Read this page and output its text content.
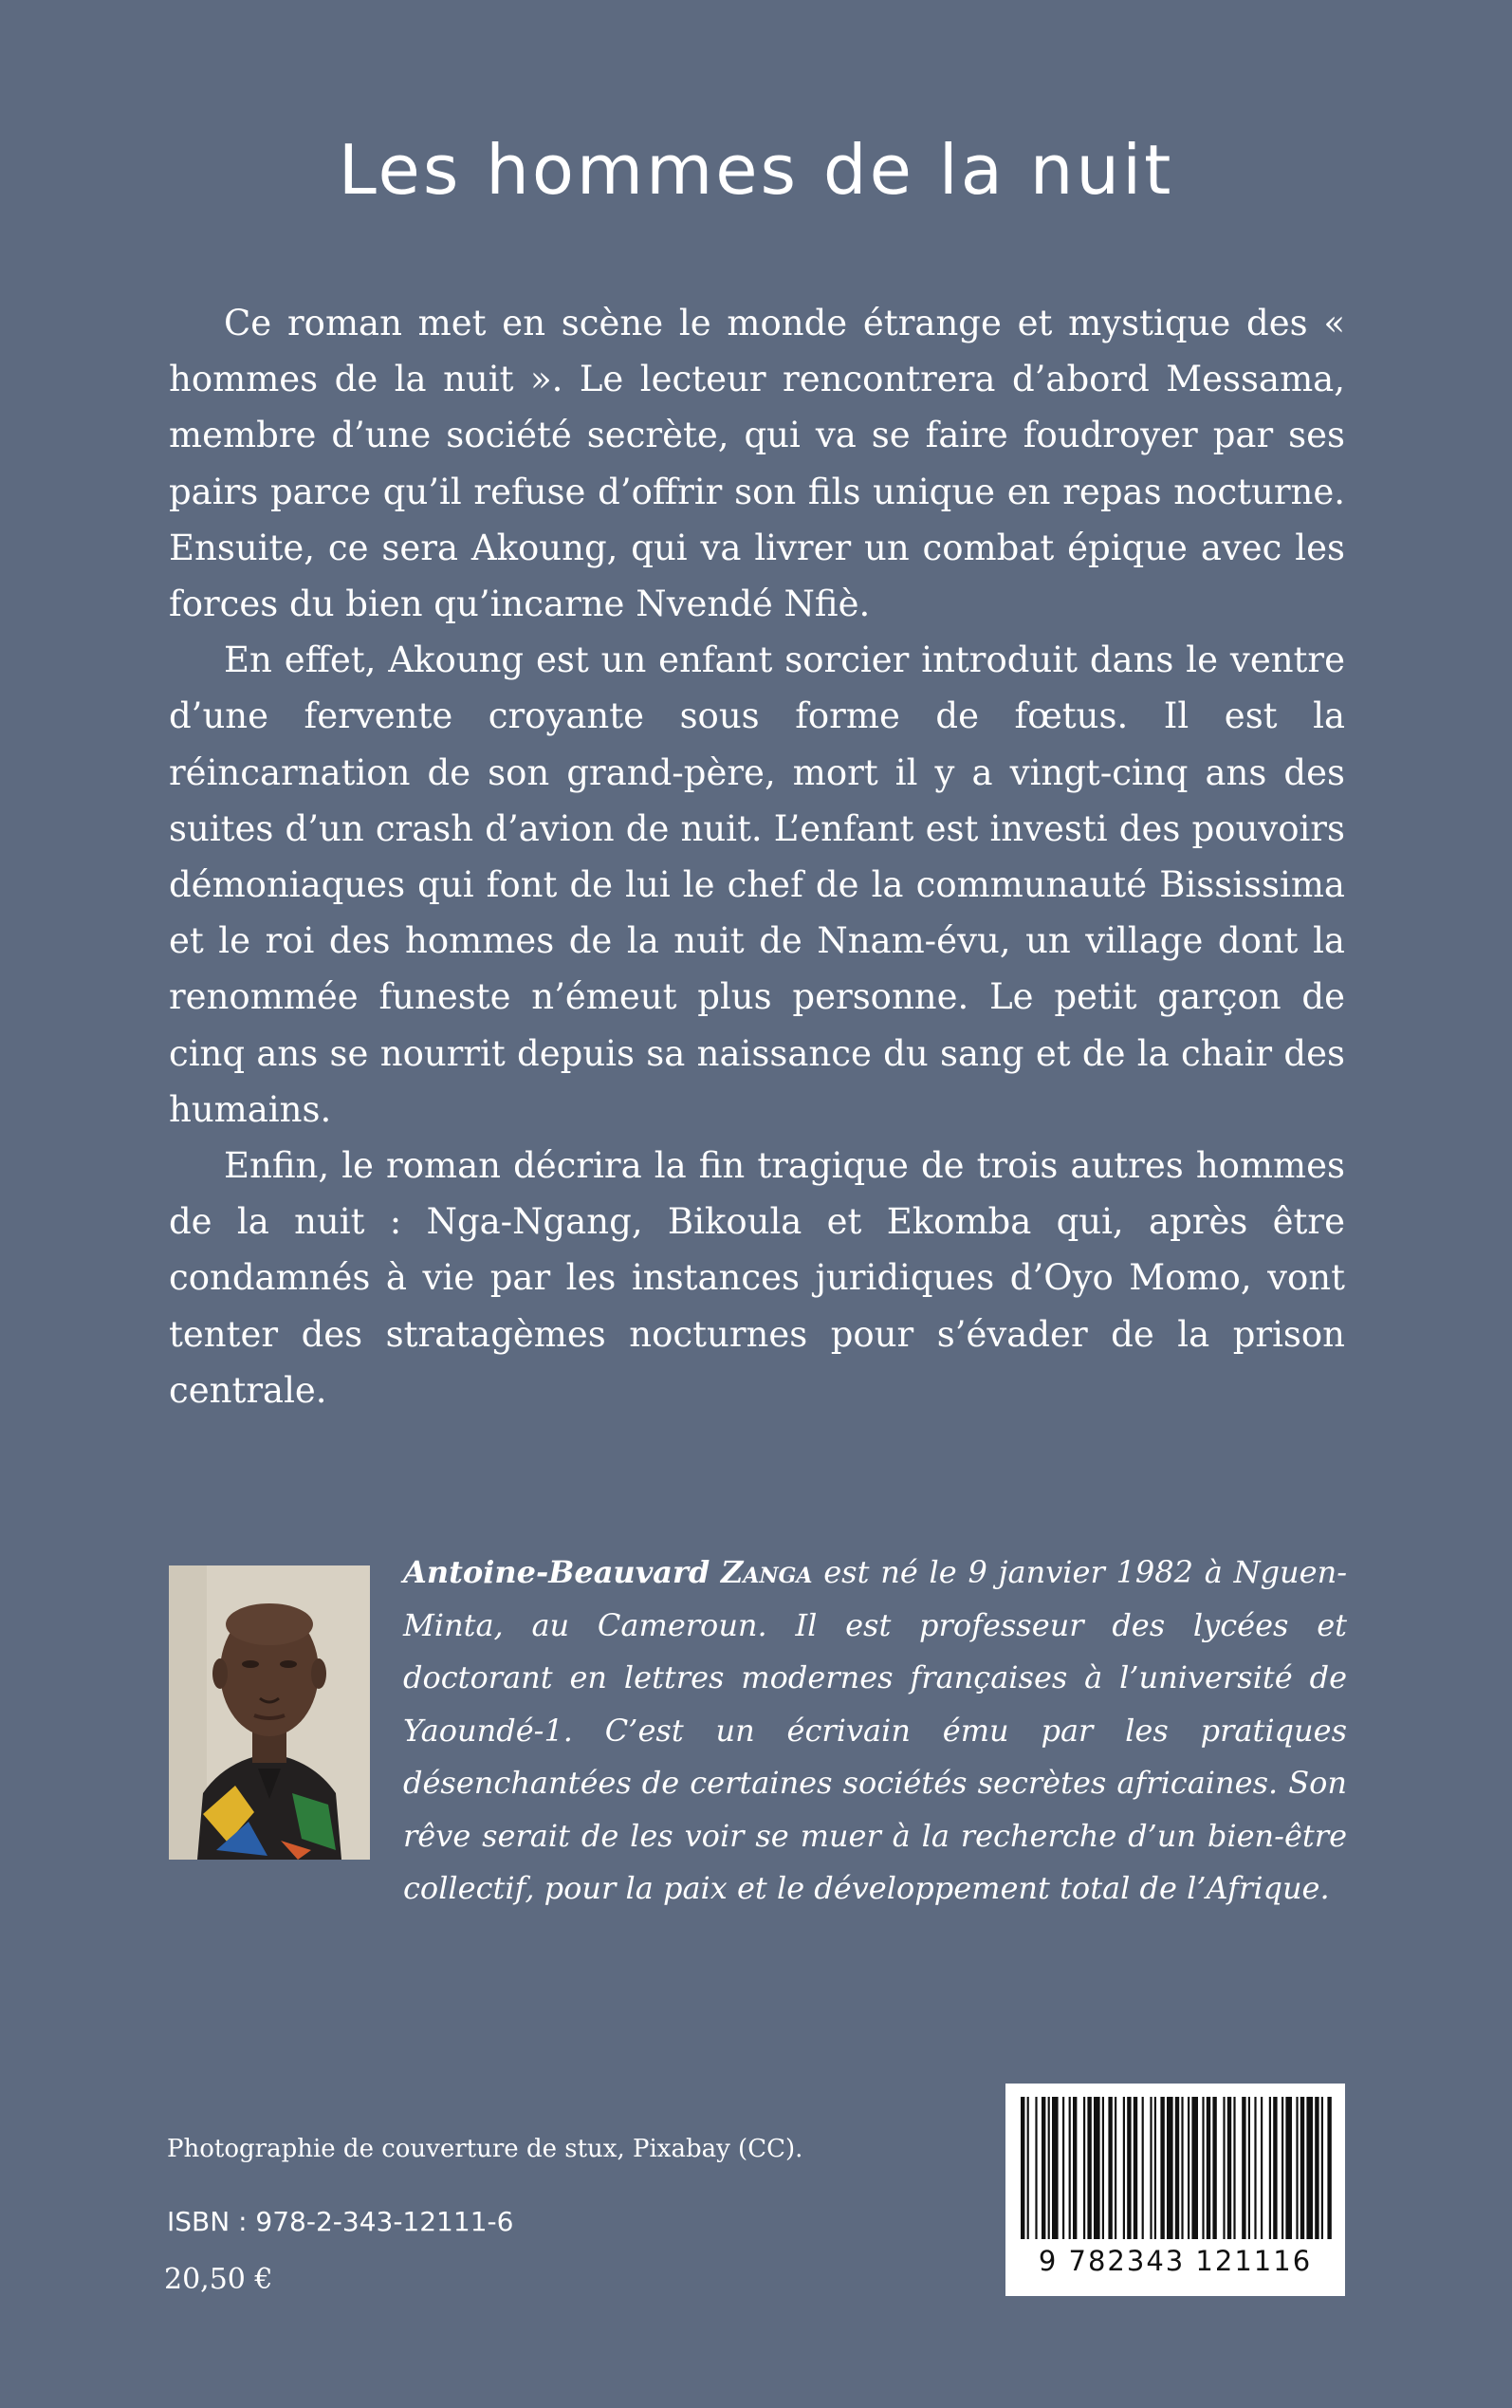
Les hommes de la nuit

Ce roman met en scène le monde étrange et mystique des « hommes de la nuit ». Le lecteur rencontrera d’abord Messama, membre d’une société secrète, qui va se faire foudroyer par ses pairs parce qu’il refuse d’offrir son fils unique en repas nocturne. Ensuite, ce sera Akoung, qui va livrer un combat épique avec les forces du bien qu’incarne Nvendé Nfiè.

En effet, Akoung est un enfant sorcier introduit dans le ventre d’une fervente croyante sous forme de fœtus. Il est la réincarnation de son grand-père, mort il y a vingt-cinq ans des suites d’un crash d’avion de nuit. L’enfant est investi des pouvoirs démoniaques qui font de lui le chef de la communauté Bississima et le roi des hommes de la nuit de Nnam-évu, un village dont la renommée funeste n’émeut plus personne. Le petit garçon de cinq ans se nourrit depuis sa naissance du sang et de la chair des humains.

Enfin, le roman décrira la fin tragique de trois autres hommes de la nuit : Nga-Ngang, Bikoula et Ekomba qui, après être condamnés à vie par les instances juridiques d’Oyo Momo, vont tenter des stratagèmes nocturnes pour s’évader de la prison centrale.

Antoine-Beauvard Zanga est né le 9 janvier 1982 à Nguen-Minta, au Cameroun. Il est professeur des lycées et doctorant en lettres modernes françaises à l’université de Yaoundé-1. C’est un écrivain ému par les pratiques désenchantées de certaines sociétés secrètes africaines. Son rêve serait de les voir se muer à la recherche d’un bien-être collectif, pour la paix et le développement total de l’Afrique.

Photographie de couverture de stux, Pixabay (CC).
ISBN : 978-2-343-12111-6
20,50 €
9 782343 121116
